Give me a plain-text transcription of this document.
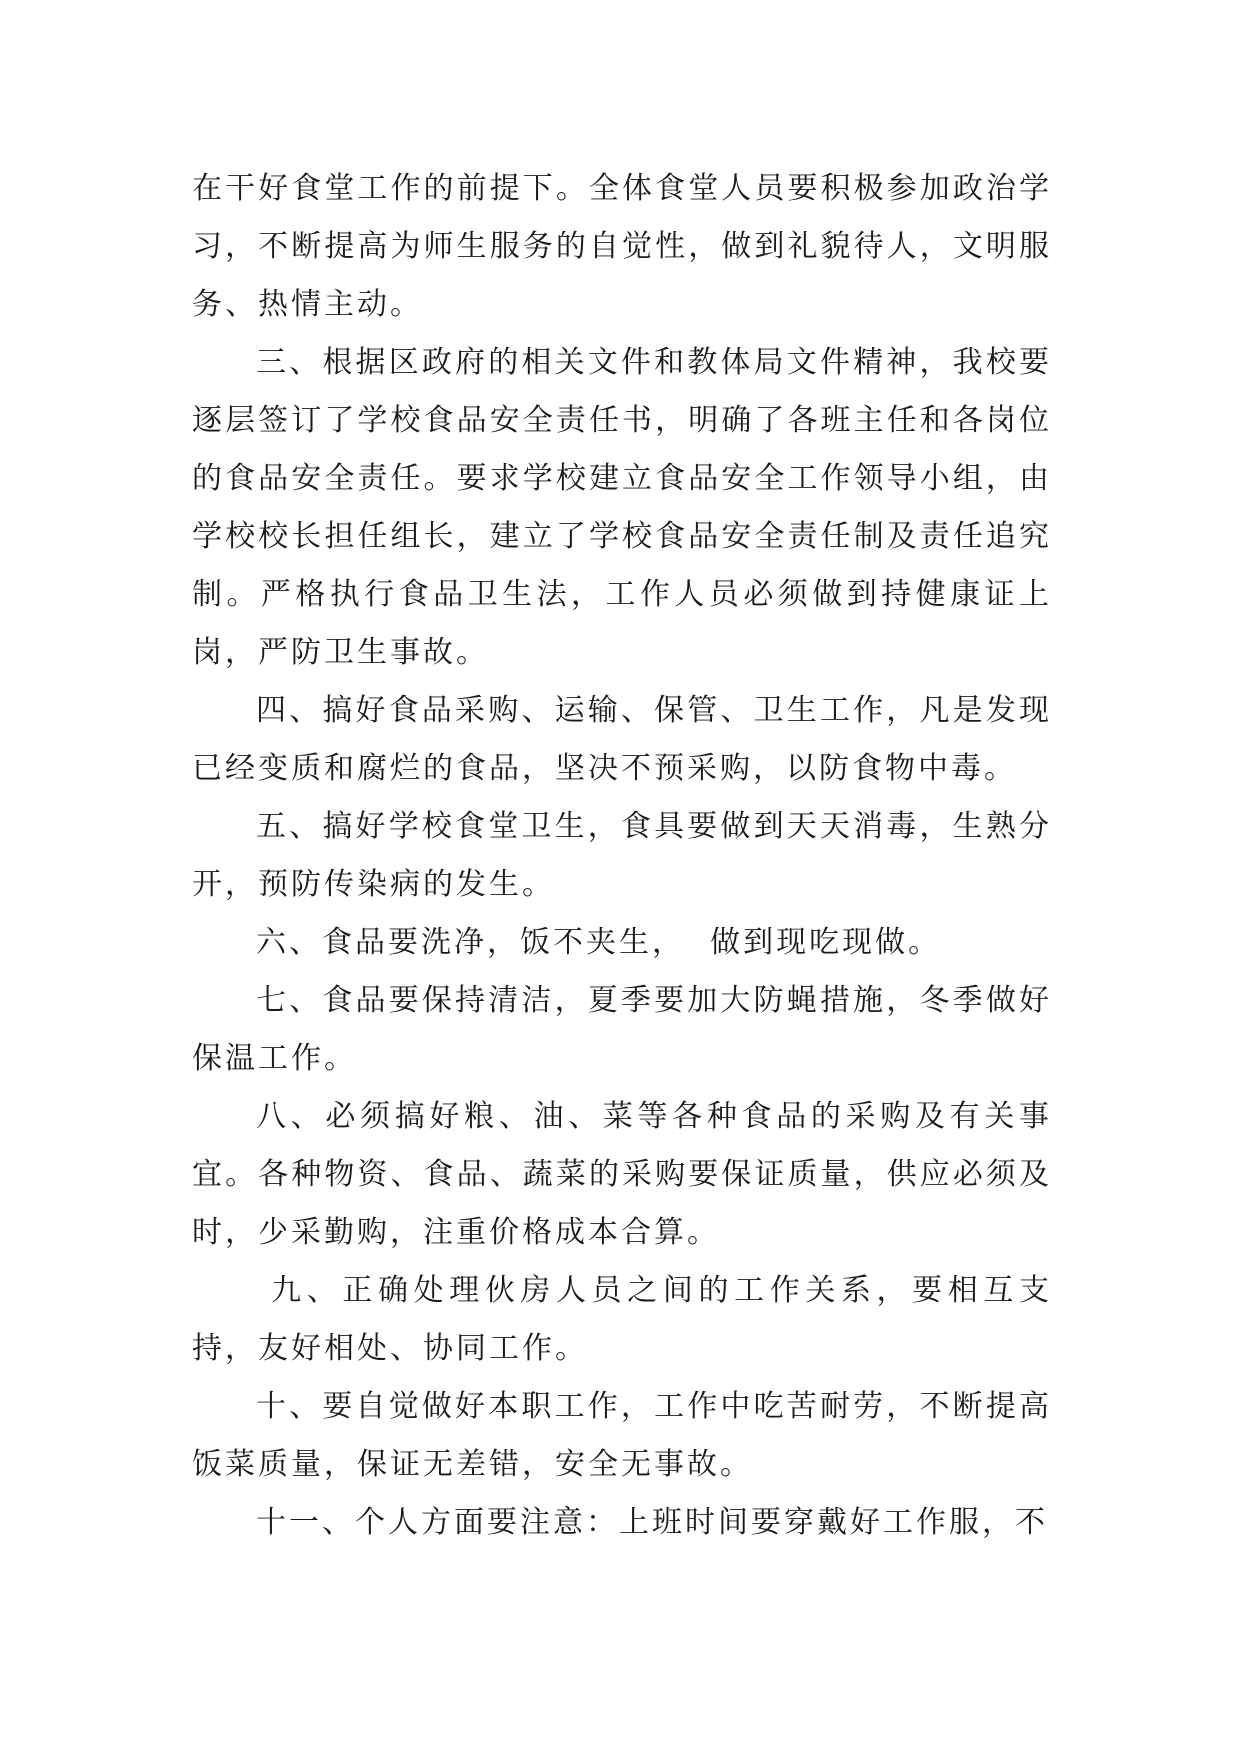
在干好食堂工作的前提下。全体食堂人员要积极参加政治学习，不断提高为师生服务的自觉性，做到礼貌待人，文明服务、热情主动。

三、根据区政府的相关文件和教体局文件精神，我校要逐层签订了学校食品安全责任书，明确了各班主任和各岗位的食品安全责任。要求学校建立食品安全工作领导小组，由学校校长担任组长，建立了学校食品安全责任制及责任追究制。严格执行食品卫生法，工作人员必须做到持健康证上岗，严防卫生事故。

四、搞好食品采购、运输、保管、卫生工作，凡是发现已经变质和腐烂的食品，坚决不预采购，以防食物中毒。

五、搞好学校食堂卫生，食具要做到天天消毒，生熟分开，预防传染病的发生。

六、食品要洗净，饭不夹生，  做到现吃现做。

七、食品要保持清洁，夏季要加大防蝇措施，冬季做好保温工作。

八、必须搞好粮、油、菜等各种食品的采购及有关事宜。各种物资、食品、蔬菜的采购要保证质量，供应必须及时，少采勤购，注重价格成本合算。

九、正确处理伙房人员之间的工作关系，要相互支持，友好相处、协同工作。

十、要自觉做好本职工作，工作中吃苦耐劳，不断提高饭菜质量，保证无差错，安全无事故。

十一、个人方面要注意：上班时间要穿戴好工作服，不
